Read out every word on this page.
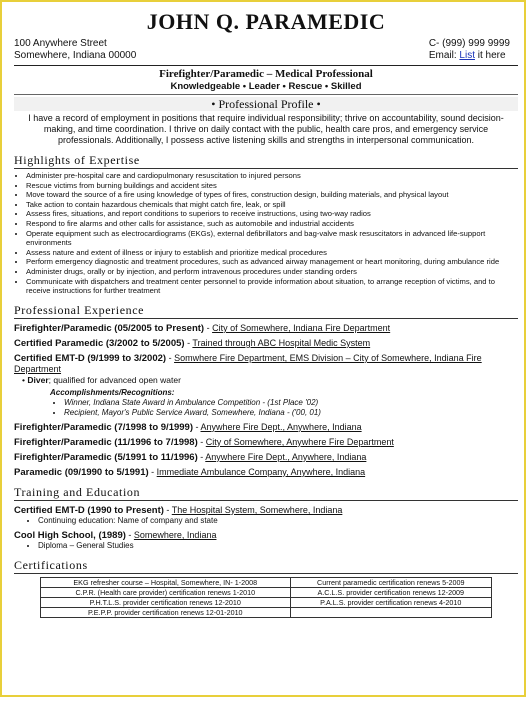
JOHN Q. PARAMEDIC
100 Anywhere Street
Somewhere, Indiana 00000
C- (999) 999 9999
Email: List it here
Firefighter/Paramedic – Medical Professional
Knowledgeable • Leader • Rescue • Skilled
• Professional Profile •
I have a record of employment in positions that require individual responsibility; thrive on accountability, sound decision-making, and time coordination. I thrive on daily contact with the public, health care pros, and emergency service professionals. Additionally, I possess active listening skills and strengths in interpersonal communication.
Highlights of Expertise
• Administer pre-hospital care and cardiopulmonary resuscitation to injured persons
• Rescue victims from burning buildings and accident sites
• Move toward the source of a fire using knowledge of types of fires, construction design, building materials, and physical layout
• Take action to contain hazardous chemicals that might catch fire, leak, or spill
• Assess fires, situations, and report conditions to superiors to receive instructions, using two-way radios
• Respond to fire alarms and other calls for assistance, such as automobile and industrial accidents
• Operate equipment such as electrocardiograms (EKGs), external defibrillators and bag-valve mask resuscitators in advanced life-support environments
• Assess nature and extent of illness or injury to establish and prioritize medical procedures
• Perform emergency diagnostic and treatment procedures, such as advanced airway management or heart monitoring, during ambulance ride
• Administer drugs, orally or by injection, and perform intravenous procedures under standing orders
• Communicate with dispatchers and treatment center personnel to provide information about situation, to arrange reception of victims, and to receive instructions for further treatment
Professional Experience
Firefighter/Paramedic (05/2005 to Present) - City of Somewhere, Indiana Fire Department
Certified Paramedic (3/2002 to 5/2005) - Trained through ABC Hospital Medic System
Certified EMT-D (9/1999 to 3/2002) - Somwhere Fire Department, EMS Division – City of Somewhere, Indiana Fire Department
• Diver; qualified for advanced open water
Accomplishments/Recognitions:
• Winner, Indiana State Award in Ambulance Competition - (1st Place '02)
• Recipient, Mayor's Public Service Award, Somewhere, Indiana - ('00, 01)
Firefighter/Paramedic (7/1998 to 9/1999) - Anywhere Fire Dept., Anywhere, Indiana
Firefighter/Paramedic (11/1996 to 7/1998) - City of Somewhere, Anywhere Fire Department
Firefighter/Paramedic (5/1991 to 11/1996) - Anywhere Fire Dept., Anywhere, Indiana
Paramedic (09/1990 to 5/1991) - Immediate Ambulance Company, Anywhere, Indiana
Training and Education
Certified EMT-D (1990 to Present) - The Hospital System, Somewhere, Indiana
• Continuing education: Name of company and state
Cool High School, (1989) - Somewhere, Indiana
• Diploma – General Studies
Certifications
EKG refresher course – Hospital, Somewhere, IN- 1-2008	Current paramedic certification renews 5-2009
C.P.R. (Health care provider) certification renews 1-2010	A.C.L.S. provider certification renews 12-2009
P.H.T.L.S. provider certification renews 12-2010	P.A.L.S. provider certification renews 4-2010
P.E.P.P. provider certification renews 12-01-2010	
